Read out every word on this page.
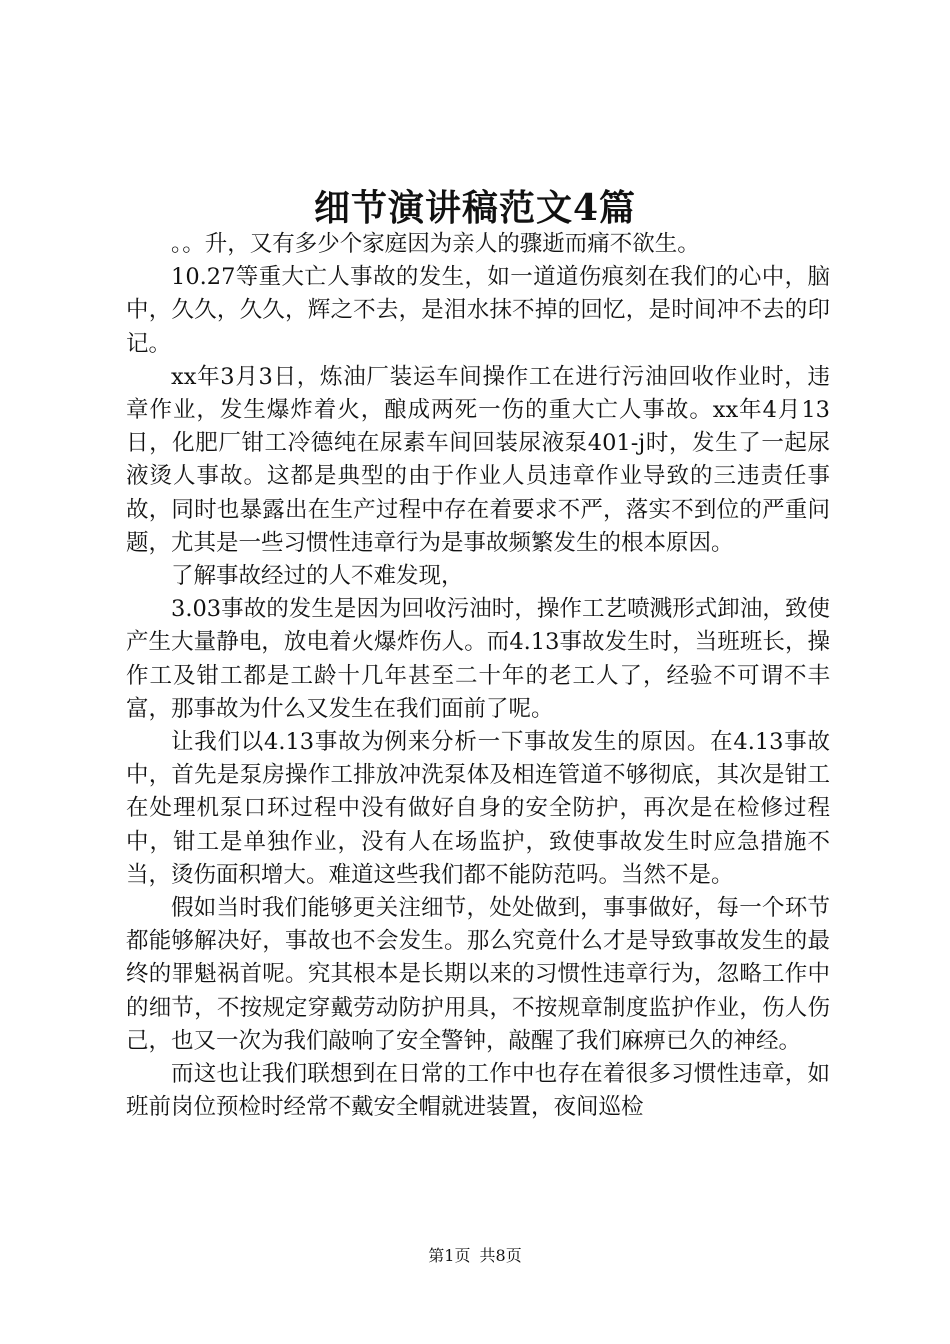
细节演讲稿范文4篇

。。升，又有多少个家庭因为亲人的骤逝而痛不欲生。

10.27等重大亡人事故的发生，如一道道伤痕刻在我们的心中，脑中，久久，久久，辉之不去，是泪水抹不掉的回忆，是时间冲不去的印记。

xx年3月3日，炼油厂装运车间操作工在进行污油回收作业时，违章作业，发生爆炸着火，酿成两死一伤的重大亡人事故。xx年4月13日，化肥厂钳工冷德纯在尿素车间回装尿液泵401-j时，发生了一起尿液烫人事故。这都是典型的由于作业人员违章作业导致的三违责任事故，同时也暴露出在生产过程中存在着要求不严，落实不到位的严重问题，尤其是一些习惯性违章行为是事故频繁发生的根本原因。

了解事故经过的人不难发现，

3.03事故的发生是因为回收污油时，操作工艺喷溅形式卸油，致使产生大量静电，放电着火爆炸伤人。而4.13事故发生时，当班班长，操作工及钳工都是工龄十几年甚至二十年的老工人了，经验不可谓不丰富，那事故为什么又发生在我们面前了呢。

让我们以4.13事故为例来分析一下事故发生的原因。在4.13事故中，首先是泵房操作工排放冲洗泵体及相连管道不够彻底，其次是钳工在处理机泵口环过程中没有做好自身的安全防护，再次是在检修过程中，钳工是单独作业，没有人在场监护，致使事故发生时应急措施不当，烫伤面积增大。难道这些我们都不能防范吗。当然不是。

假如当时我们能够更关注细节，处处做到，事事做好，每一个环节都能够解决好，事故也不会发生。那么究竟什么才是导致事故发生的最终的罪魁祸首呢。究其根本是长期以来的习惯性违章行为，忽略工作中的细节，不按规定穿戴劳动防护用具，不按规章制度监护作业，伤人伤己，也又一次为我们敲响了安全警钟，敲醒了我们麻痹已久的神经。

而这也让我们联想到在日常的工作中也存在着很多习惯性违章，如班前岗位预检时经常不戴安全帽就进装置，夜间巡检

第1页 共8页
